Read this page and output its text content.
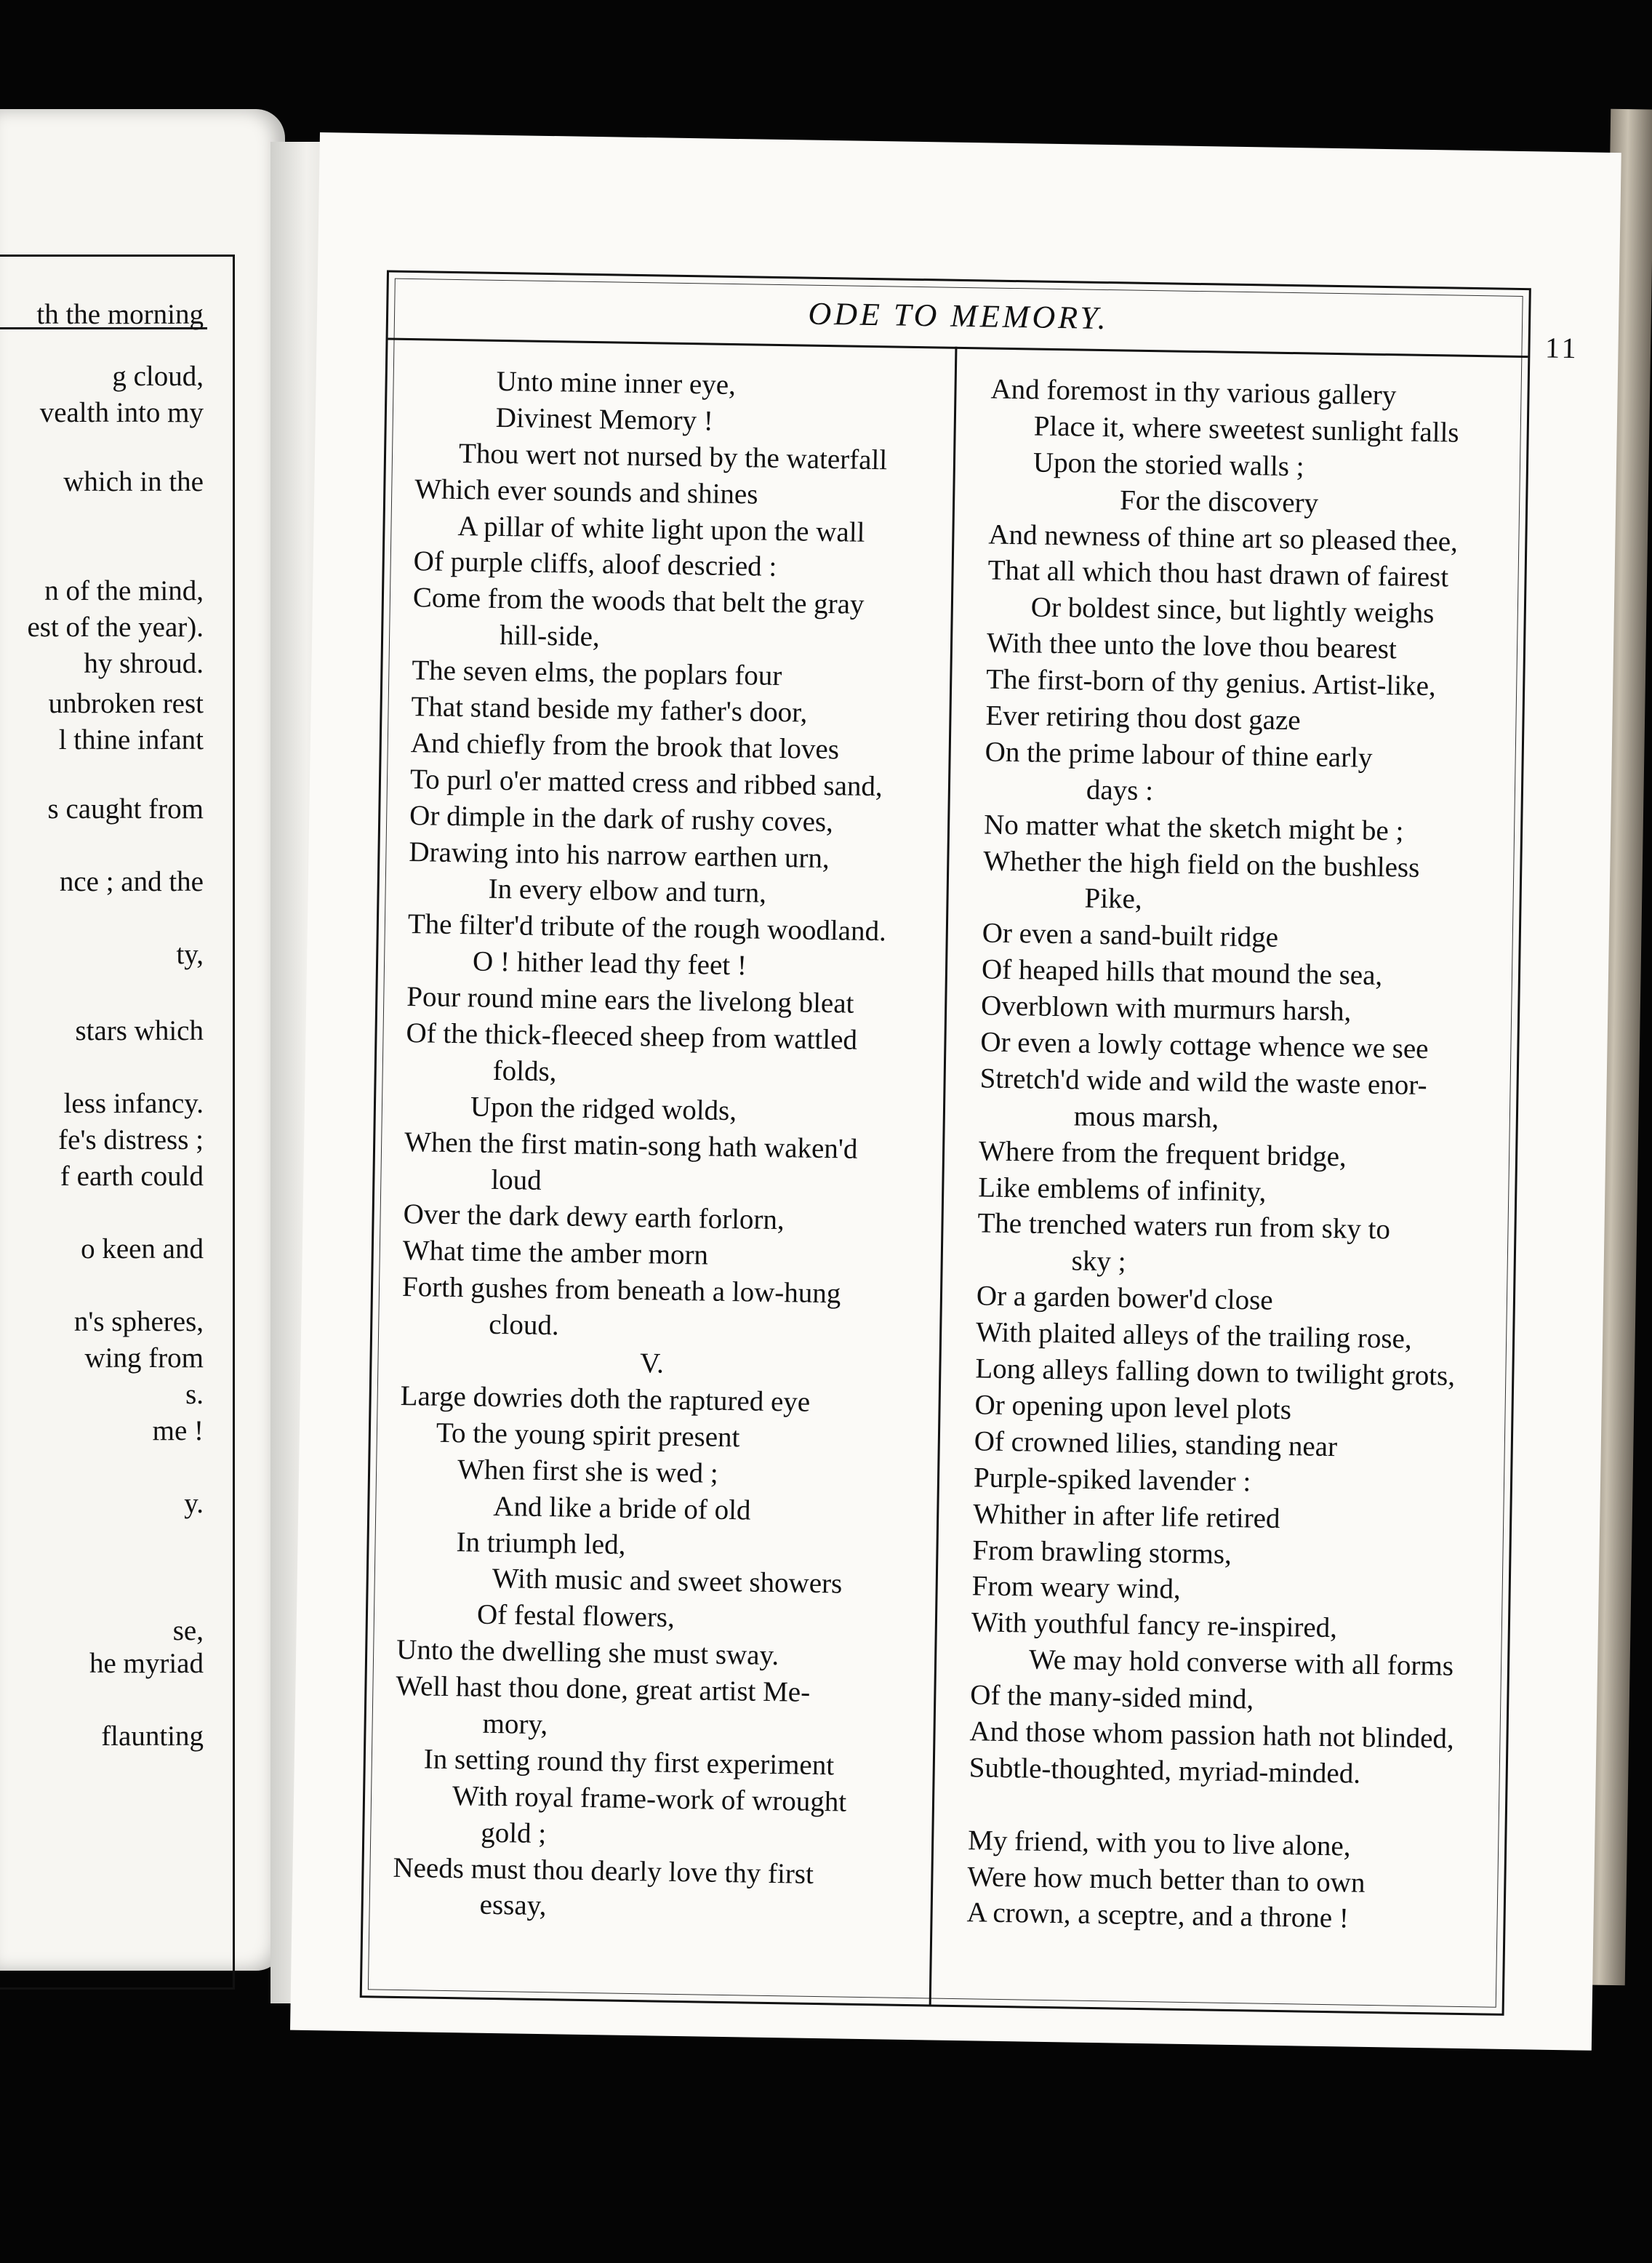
th the morning
g cloud,
vealth into my
which in the
n of the mind,
est of the year).
hy shroud.
unbroken rest
l thine infant
s caught from
nce ; and the
ty,
stars which
less infancy.
fe's distress ;
f earth could
o keen and
n's spheres,
wing from
s.
me !
y.
se,
he myriad
flaunting
ODE TO MEMORY.
11
Unto mine inner eye,
Divinest Memory !
Thou wert not nursed by the waterfall
Which ever sounds and shines
A pillar of white light upon the wall
Of purple cliffs, aloof descried :
Come from the woods that belt the gray
hill-side,
The seven elms, the poplars four
That stand beside my father's door,
And chiefly from the brook that loves
To purl o'er matted cress and ribbed sand,
Or dimple in the dark of rushy coves,
Drawing into his narrow earthen urn,
In every elbow and turn,
The filter'd tribute of the rough woodland.
O ! hither lead thy feet !
Pour round mine ears the livelong bleat
Of the thick-fleeced sheep from wattled
folds,
Upon the ridged wolds,
When the first matin-song hath waken'd
loud
Over the dark dewy earth forlorn,
What time the amber morn
Forth gushes from beneath a low-hung
cloud.
V.
Large dowries doth the raptured eye
To the young spirit present
When first she is wed ;
And like a bride of old
In triumph led,
With music and sweet showers
Of festal flowers,
Unto the dwelling she must sway.
Well hast thou done, great artist Me-
mory,
In setting round thy first experiment
With royal frame-work of wrought
gold ;
Needs must thou dearly love thy first
essay,
And foremost in thy various gallery
Place it, where sweetest sunlight falls
Upon the storied walls ;
For the discovery
And newness of thine art so pleased thee,
That all which thou hast drawn of fairest
Or boldest since, but lightly weighs
With thee unto the love thou bearest
The first-born of thy genius. Artist-like,
Ever retiring thou dost gaze
On the prime labour of thine early
days :
No matter what the sketch might be ;
Whether the high field on the bushless
Pike,
Or even a sand-built ridge
Of heaped hills that mound the sea,
Overblown with murmurs harsh,
Or even a lowly cottage whence we see
Stretch'd wide and wild the waste enor-
mous marsh,
Where from the frequent bridge,
Like emblems of infinity,
The trenched waters run from sky to
sky ;
Or a garden bower'd close
With plaited alleys of the trailing rose,
Long alleys falling down to twilight grots,
Or opening upon level plots
Of crowned lilies, standing near
Purple-spiked lavender :
Whither in after life retired
From brawling storms,
From weary wind,
With youthful fancy re-inspired,
We may hold converse with all forms
Of the many-sided mind,
And those whom passion hath not blinded,
Subtle-thoughted, myriad-minded.
My friend, with you to live alone,
Were how much better than to own
A crown, a sceptre, and a throne !
